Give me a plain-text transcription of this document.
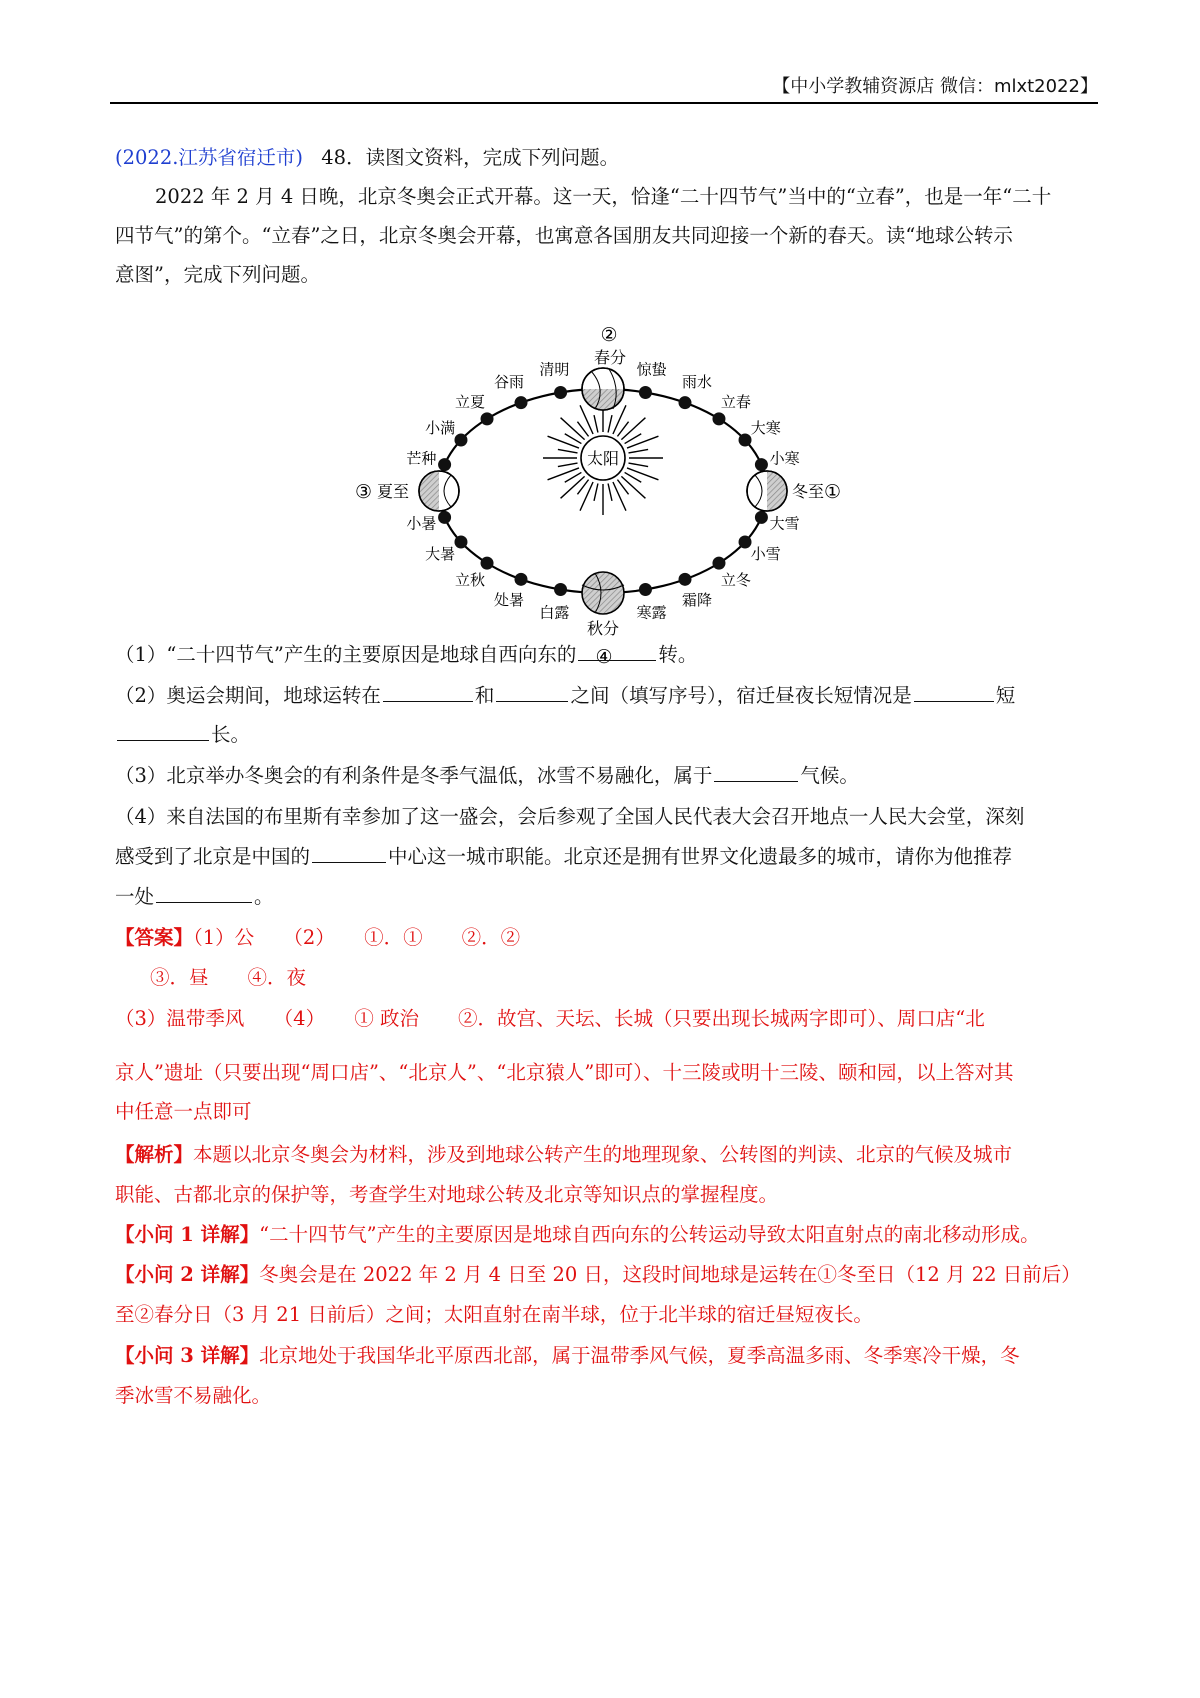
【中小学教辅资源店 微信：mlxt2022】
(2022.江苏省宿迁市) 48．读图文资料，完成下列问题。
2022 年 2 月 4 日晚，北京冬奥会正式开幕。这一天，恰逢“二十四节气”当中的“立春”，也是一年“二十
四节气”的第个。“立春”之日，北京冬奥会开幕，也寓意各国朋友共同迎接一个新的春天。读“地球公转示
意图”，完成下列问题。
太阳
②
春分
③ 夏至	冬至 ①
秋分
④
小寒
大寒
立春
雨水
惊蛰
清明
谷雨
立夏
小满
芒种
小暑
大暑
立秋
处暑
白露	寒露
霜降
立冬
小雪
大雪
（1）“二十四节气”产生的主要原因是地球自西向东的	转。
（2）奥运会期间，地球运转在	和	之间（填写序号），宿迁昼夜长短情况是	短
长。
（3）北京举办冬奥会的有利条件是冬季气温低，冰雪不易融化，属于	气候。
（4）来自法国的布里斯有幸参加了这一盛会，会后参观了全国人民代表大会召开地点一人民大会堂，深刻
感受到了北京是中国的	中心这一城市职能。北京还是拥有世界文化遗最多的城市，请你为他推荐
一处	。
【答案】（1）公　　（2）　　①．①　　②．②
③．昼　　④．夜
（3）温带季风　　（4）　　① 政治　　②．故宫、天坛、长城（只要出现长城两字即可）、周口店“北
京人”遗址（只要出现“周口店”、“北京人”、“北京猿人”即可）、十三陵或明十三陵、颐和园，以上答对其
中任意一点即可
【解析】本题以北京冬奥会为材料，涉及到地球公转产生的地理现象、公转图的判读、北京的气候及城市
职能、古都北京的保护等，考查学生对地球公转及北京等知识点的掌握程度。
【小问 1 详解】“二十四节气”产生的主要原因是地球自西向东的公转运动导致太阳直射点的南北移动形成。
【小问 2 详解】冬奥会是在 2022 年 2 月 4 日至 20 日，这段时间地球是运转在①冬至日（12 月 22 日前后）
至②春分日（3 月 21 日前后）之间；太阳直射在南半球，位于北半球的宿迁昼短夜长。
【小问 3 详解】北京地处于我国华北平原西北部，属于温带季风气候，夏季高温多雨、冬季寒冷干燥，冬
季冰雪不易融化。
